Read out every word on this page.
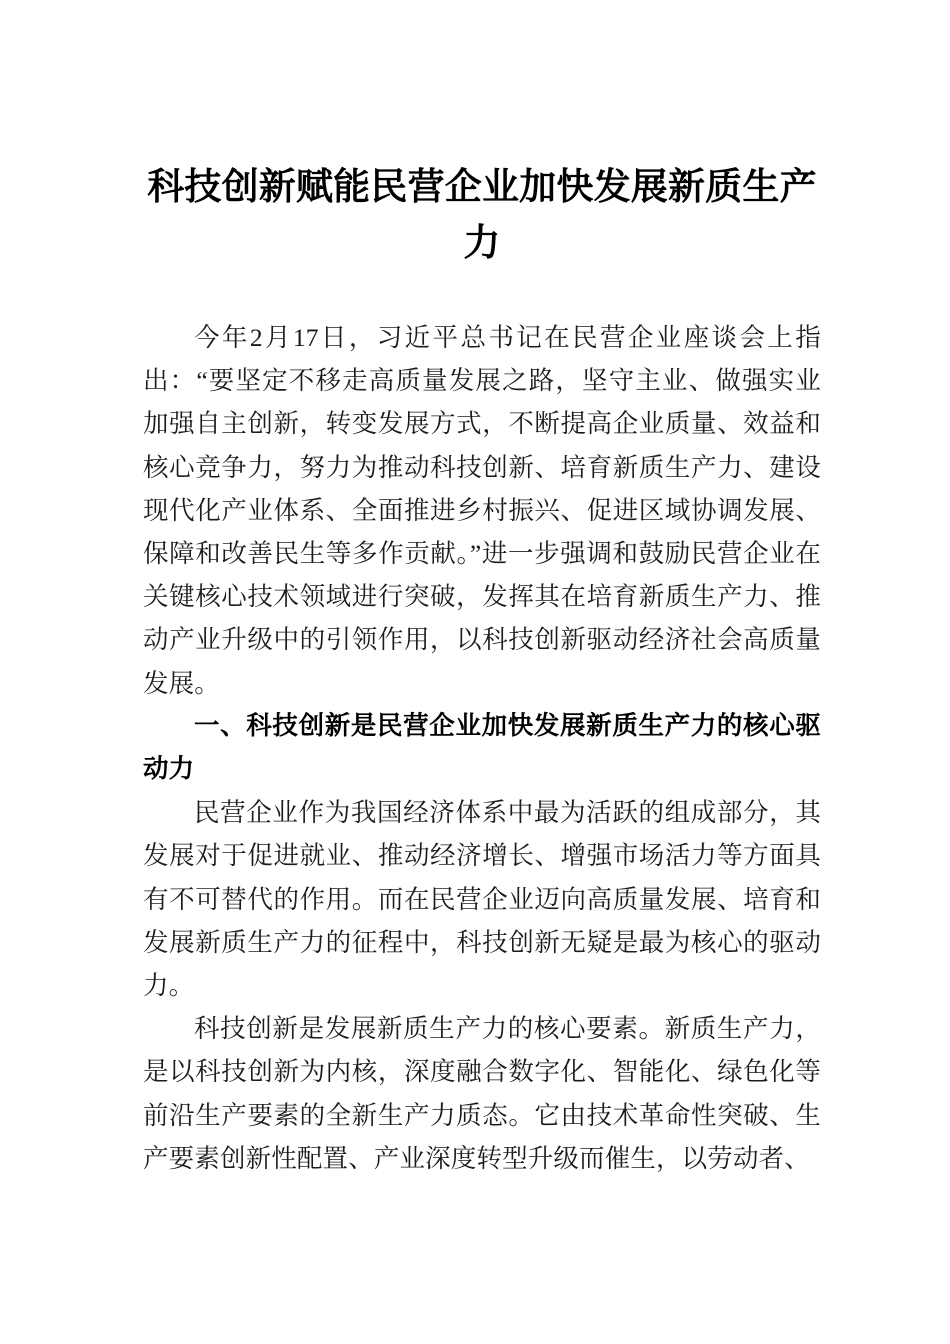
科技创新赋能民营企业加快发展新质生产力

今年2月17日，习近平总书记在民营企业座谈会上指出：“要坚定不移走高质量发展之路，坚守主业、做强实业加强自主创新，转变发展方式，不断提高企业质量、效益和核心竞争力，努力为推动科技创新、培育新质生产力、建设现代化产业体系、全面推进乡村振兴、促进区域协调发展、保障和改善民生等多作贡献。”进一步强调和鼓励民营企业在关键核心技术领域进行突破，发挥其在培育新质生产力、推动产业升级中的引领作用，以科技创新驱动经济社会高质量发展。

一、科技创新是民营企业加快发展新质生产力的核心驱动力

民营企业作为我国经济体系中最为活跃的组成部分，其发展对于促进就业、推动经济增长、增强市场活力等方面具有不可替代的作用。而在民营企业迈向高质量发展、培育和发展新质生产力的征程中，科技创新无疑是最为核心的驱动力。

科技创新是发展新质生产力的核心要素。新质生产力，是以科技创新为内核，深度融合数字化、智能化、绿色化等前沿生产要素的全新生产力质态。它由技术革命性突破、生产要素创新性配置、产业深度转型升级而催生，以劳动者、
